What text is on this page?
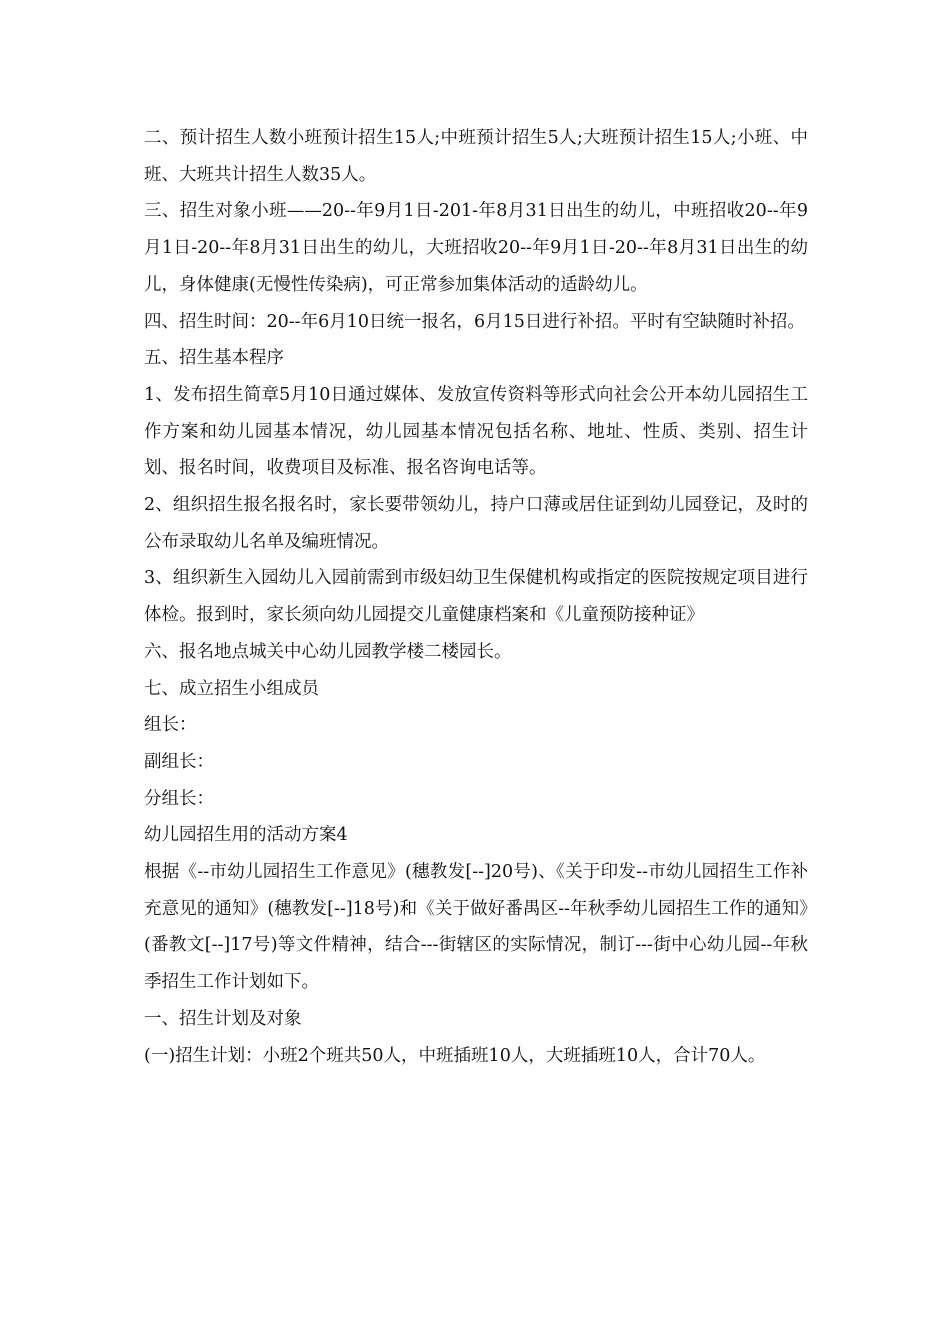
二、预计招生人数小班预计招生15人;中班预计招生5人;大班预计招生15人;小班、中班、大班共计招生人数35人。

三、招生对象小班——20--年9月1日-201-年8月31日出生的幼儿，中班招收20--年9月1日-20--年8月31日出生的幼儿，大班招收20--年9月1日-20--年8月31日出生的幼儿，身体健康(无慢性传染病)，可正常参加集体活动的适龄幼儿。

四、招生时间：20--年6月10日统一报名，6月15日进行补招。平时有空缺随时补招。

五、招生基本程序

1、发布招生简章5月10日通过媒体、发放宣传资料等形式向社会公开本幼儿园招生工作方案和幼儿园基本情况，幼儿园基本情况包括名称、地址、性质、类别、招生计划、报名时间，收费项目及标准、报名咨询电话等。

2、组织招生报名报名时，家长要带领幼儿，持户口薄或居住证到幼儿园登记，及时的公布录取幼儿名单及编班情况。

3、组织新生入园幼儿入园前需到市级妇幼卫生保健机构或指定的医院按规定项目进行体检。报到时，家长须向幼儿园提交儿童健康档案和《儿童预防接种证》

六、报名地点城关中心幼儿园教学楼二楼园长。

七、成立招生小组成员

组长：

副组长：

分组长：

幼儿园招生用的活动方案4

根据《--市幼儿园招生工作意见》(穗教发[--]20号)、《关于印发--市幼儿园招生工作补充意见的通知》(穗教发[--]18号)和《关于做好番禺区--年秋季幼儿园招生工作的通知》(番教文[--]17号)等文件精神，结合---街辖区的实际情况，制订---街中心幼儿园--年秋季招生工作计划如下。

一、招生计划及对象

(一)招生计划：小班2个班共50人，中班插班10人，大班插班10人，合计70人。
